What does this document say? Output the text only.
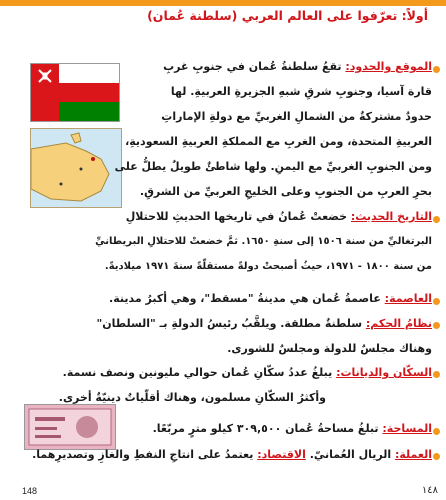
أولاً: تعرّفوا على العالم العربي (سلطنة عُمان)
الموقع والحدود: تقعُ سلطنةُ عُمان في جنوبِ غربِ
قارة آسيا، وجنوبِ شرقِ شبهِ الجزيرةِ العربيةِ. لها
حدودٌ مشتركةٌ من الشمالِ الغربيِّ مع دولةِ الإماراتِ
العربيةِ المتحدة، ومن الغربِ مع المملكةِ العربيةِ السعوديةِ،
ومن الجنوبِ الغربيِّ مع اليمنِ. ولها شاطئٌ طويلٌ يطلُّ على
بحرِ العربِ من الجنوبِ وعلى الخليجِ العربيِّ من الشرقِ.
التاريخ الحديث: خضعتْ عُمانُ في تاريخها الحديثِ للاحتلالِ
البرتغاليِّ من سنة ١٥٠٦ إلى سنةِ ١٦٥٠. ثمَّ خضعتْ للاحتلالِ البريطانيِّ
من سنة ١٨٠٠ - ١٩٧١، حيثُ أصبحتْ دولةً مستقلّةً سنةَ ١٩٧١ ميلاديةً.
العاصمة: عاصمةُ عُمان هي مدينةُ "مسقط"، وهي أكبرُ مدينة.
نظامُ الحكم: سلطنةٌ مطلقة. ويلقَّبُ رئيسُ الدولةِ بـ "السلطان"
وهناك مجلسٌ للدولة ومجلسٌ للشورى.
السكّان والديانات: يبلغُ عددُ سكّانِ عُمان حوالي مليونين ونصف نسمة.
وأكثرُ السكّانِ مسلمون، وهناك أقلّياتٌ دينيّةٌ أخرى.
المساحة: تبلغُ مساحةُ عُمان ٣٠٩,٥٠٠ كيلو مترٍ مربّعًا.
العملة: الريال العُمانيّ. الاقتصاد: يعتمدُ على انتاجِ النفطِ والغازِ وتصديرِهما.
148	١٤٨
